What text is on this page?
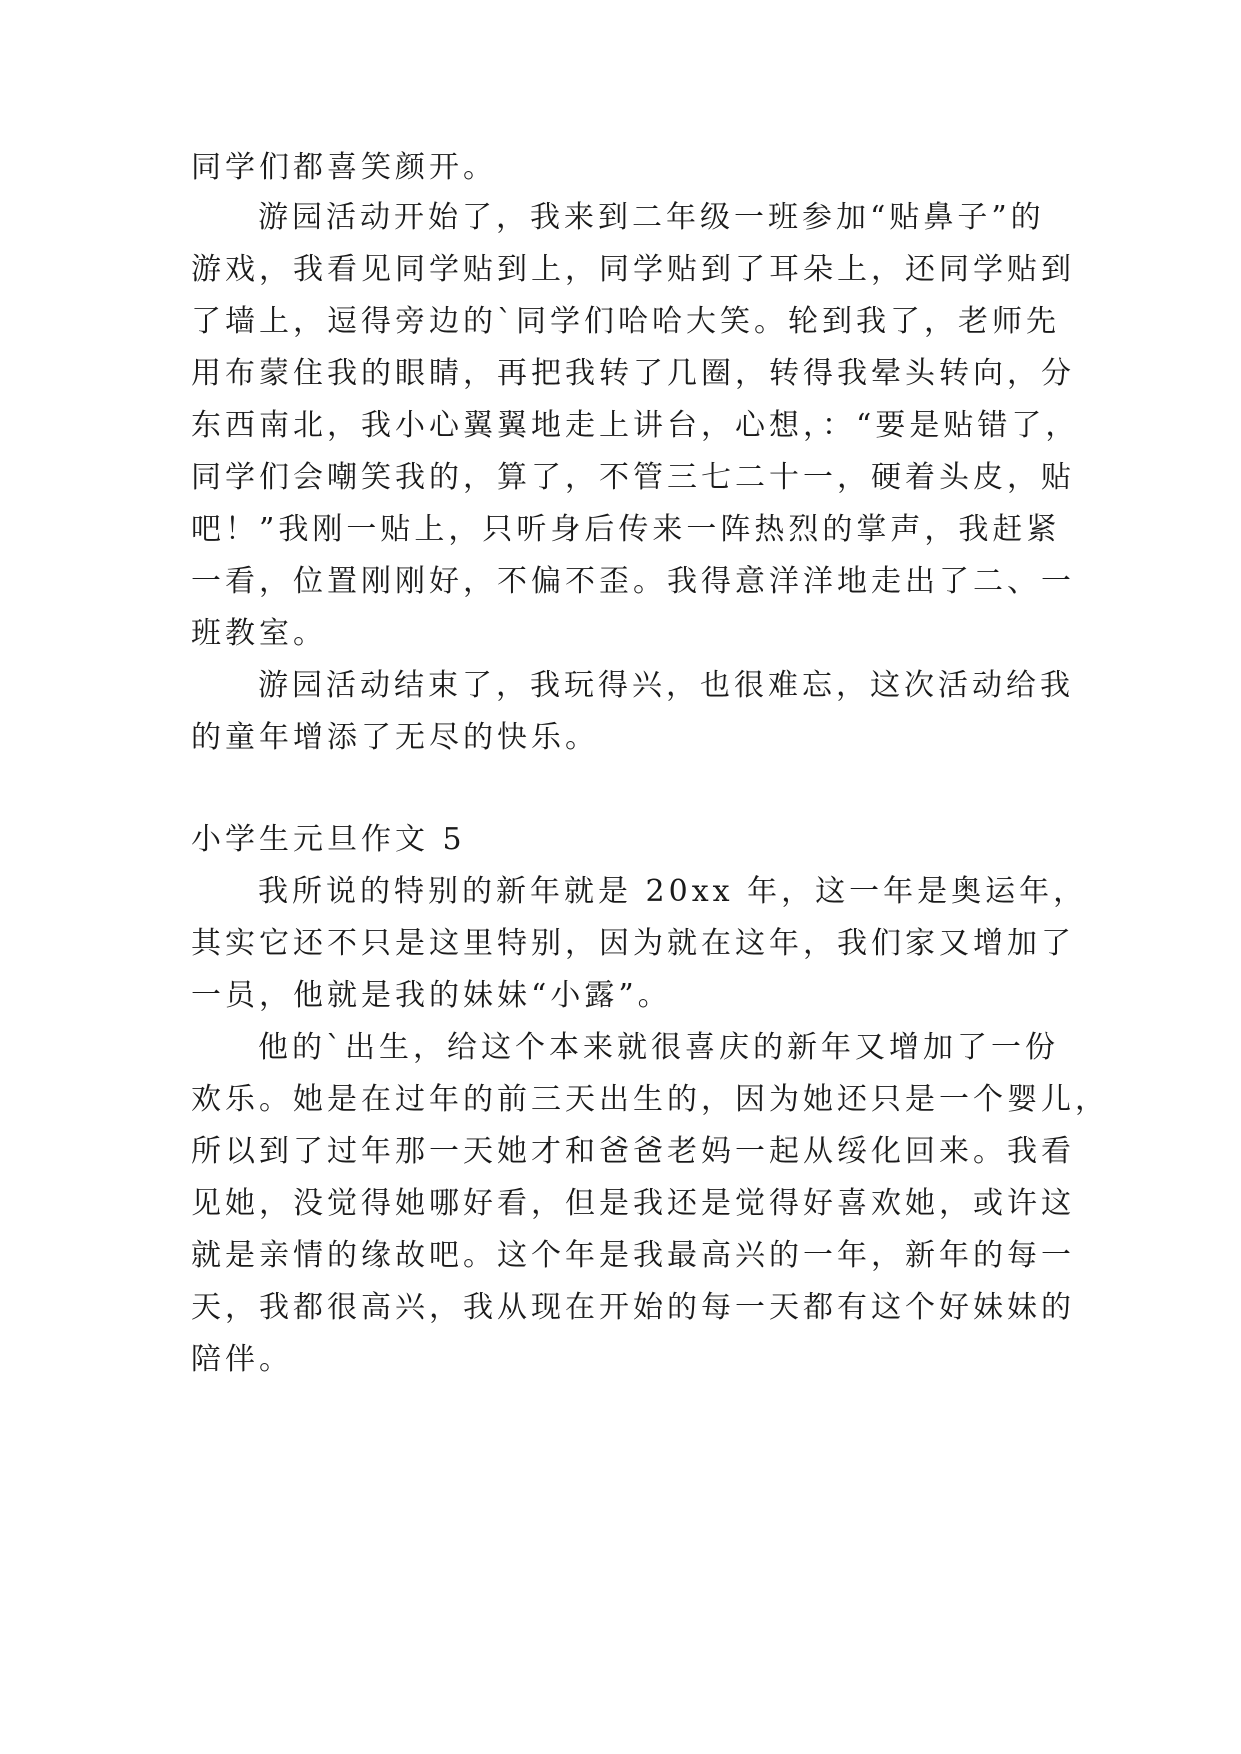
同学们都喜笑颜开。
游园活动开始了，我来到二年级一班参加“贴鼻子”的
游戏，我看见同学贴到上，同学贴到了耳朵上，还同学贴到
了墙上，逗得旁边的`同学们哈哈大笑。轮到我了，老师先
用布蒙住我的眼睛，再把我转了几圈，转得我晕头转向，分
东西南北，我小心翼翼地走上讲台，心想，：“要是贴错了，
同学们会嘲笑我的，算了，不管三七二十一，硬着头皮，贴
吧！”我刚一贴上，只听身后传来一阵热烈的掌声，我赶紧
一看，位置刚刚好，不偏不歪。我得意洋洋地走出了二、一
班教室。
游园活动结束了，我玩得兴，也很难忘，这次活动给我
的童年增添了无尽的快乐。
小学生元旦作文 5
我所说的特别的新年就是 20xx 年，这一年是奥运年，
其实它还不只是这里特别，因为就在这年，我们家又增加了
一员，他就是我的妹妹“小露”。
他的`出生，给这个本来就很喜庆的新年又增加了一份
欢乐。她是在过年的前三天出生的，因为她还只是一个婴儿，
所以到了过年那一天她才和爸爸老妈一起从绥化回来。我看
见她，没觉得她哪好看，但是我还是觉得好喜欢她，或许这
就是亲情的缘故吧。这个年是我最高兴的一年，新年的每一
天，我都很高兴，我从现在开始的每一天都有这个好妹妹的
陪伴。
